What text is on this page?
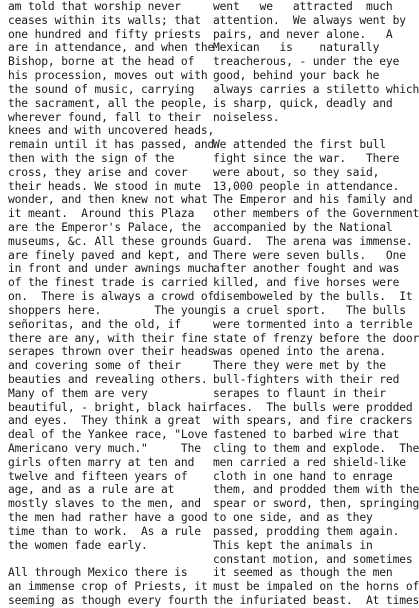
am told that worship never
ceases within its walls; that
one hundred and fifty priests
are in attendance, and when the
Bishop, borne at the head of
his procession, moves out with
the sound of music, carrying
the sacrament, all the people,
wherever found, fall to their
knees and with uncovered heads,
remain until it has passed, and
then with the sign of the
cross, they arise and cover
their heads. We stood in mute
wonder, and then knew not what
it meant.  Around this Plaza
are the Emperor's Palace, the
museums, &c. All these grounds
are finely paved and kept, and
in front and under awnings much
of the finest trade is carried
on.  There is always a crowd of
shoppers here.        The young
señoritas, and the old, if
there are any, with their fine
serapes thrown over their heads
and covering some of their
beauties and revealing others.
Many of them are very
beautiful, - bright, black hair
and eyes.  They think a great
deal of the Yankee race, "Love
Americano very much."     The
girls often marry at ten and
twelve and fifteen years of
age, and as a rule are at
mostly slaves to the men, and
the men had rather have a good
time than to work.  As a rule
the women fade early.
All through Mexico there is
an immense crop of Priests, it
seeming as though every fourth
went   we   attracted  much
attention.  We always went by
pairs, and never alone.   A
Mexican   is    naturally
treacherous, - under the eye
good, behind your back he
always carries a stiletto which
is sharp, quick, deadly and
noiseless.
We attended the first bull
fight since the war.   There
were about, so they said,
13,000 people in attendance.
The Emperor and his family and
other members of the Government
accompanied by the National
Guard.  The arena was immense.
There were seven bulls.   One
after another fought and was
killed, and five horses were
disemboweled by the bulls.  It
is a cruel sport.   The bulls
were tormented into a terrible
state of frenzy before the door
was opened into the arena.
There they were met by the
bull-fighters with their red
serapes to flaunt in their
faces.  The bulls were prodded
with spears, and fire crackers
fastened to barbed wire that
cling to them and explode.  The
men carried a red shield-like
cloth in one hand to enrage
them, and prodded them with the
spear or sword, then, springing
to one side, and as they
passed, prodding them again.
This kept the animals in
constant motion, and sometimes
it seemed as though the men
must be impaled on the horns of
the infuriated beast.  At times
